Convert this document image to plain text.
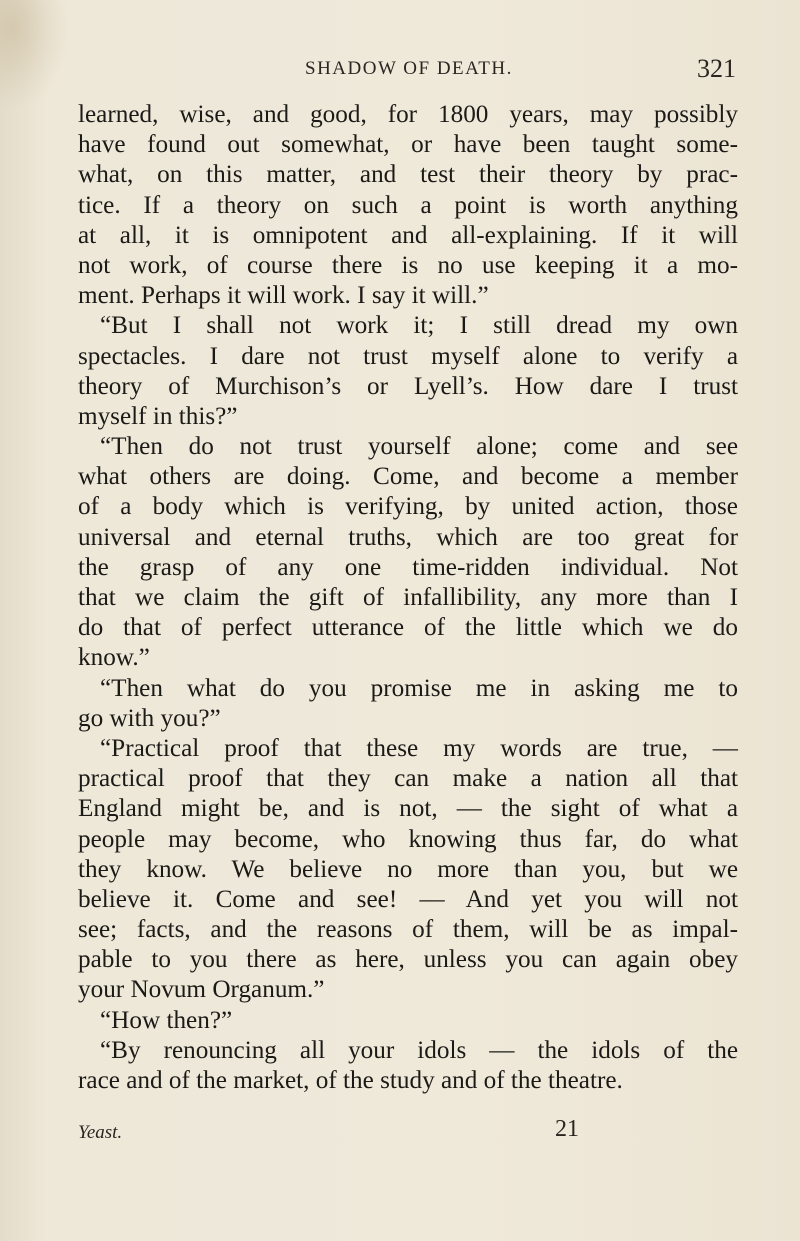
SHADOW OF DEATH.	321
learned, wise, and good, for 1800 years, may possibly
have found out somewhat, or have been taught some-
what, on this matter, and test their theory by prac-
tice. If a theory on such a point is worth anything
at all, it is omnipotent and all-explaining. If it will
not work, of course there is no use keeping it a mo-
ment. Perhaps it will work. I say it will.”
“But I shall not work it; I still dread my own
spectacles. I dare not trust myself alone to verify a
theory of Murchison’s or Lyell’s. How dare I trust
myself in this?”
“Then do not trust yourself alone; come and see
what others are doing. Come, and become a member
of a body which is verifying, by united action, those
universal and eternal truths, which are too great for
the grasp of any one time-ridden individual. Not
that we claim the gift of infallibility, any more than I
do that of perfect utterance of the little which we do
know.”
“Then what do you promise me in asking me to
go with you?”
“Practical proof that these my words are true, —
practical proof that they can make a nation all that
England might be, and is not, — the sight of what a
people may become, who knowing thus far, do what
they know. We believe no more than you, but we
believe it. Come and see! — And yet you will not
see; facts, and the reasons of them, will be as impal-
pable to you there as here, unless you can again obey
your Novum Organum.”
“How then?”
“By renouncing all your idols — the idols of the
race and of the market, of the study and of the theatre.
Yeast.	21
